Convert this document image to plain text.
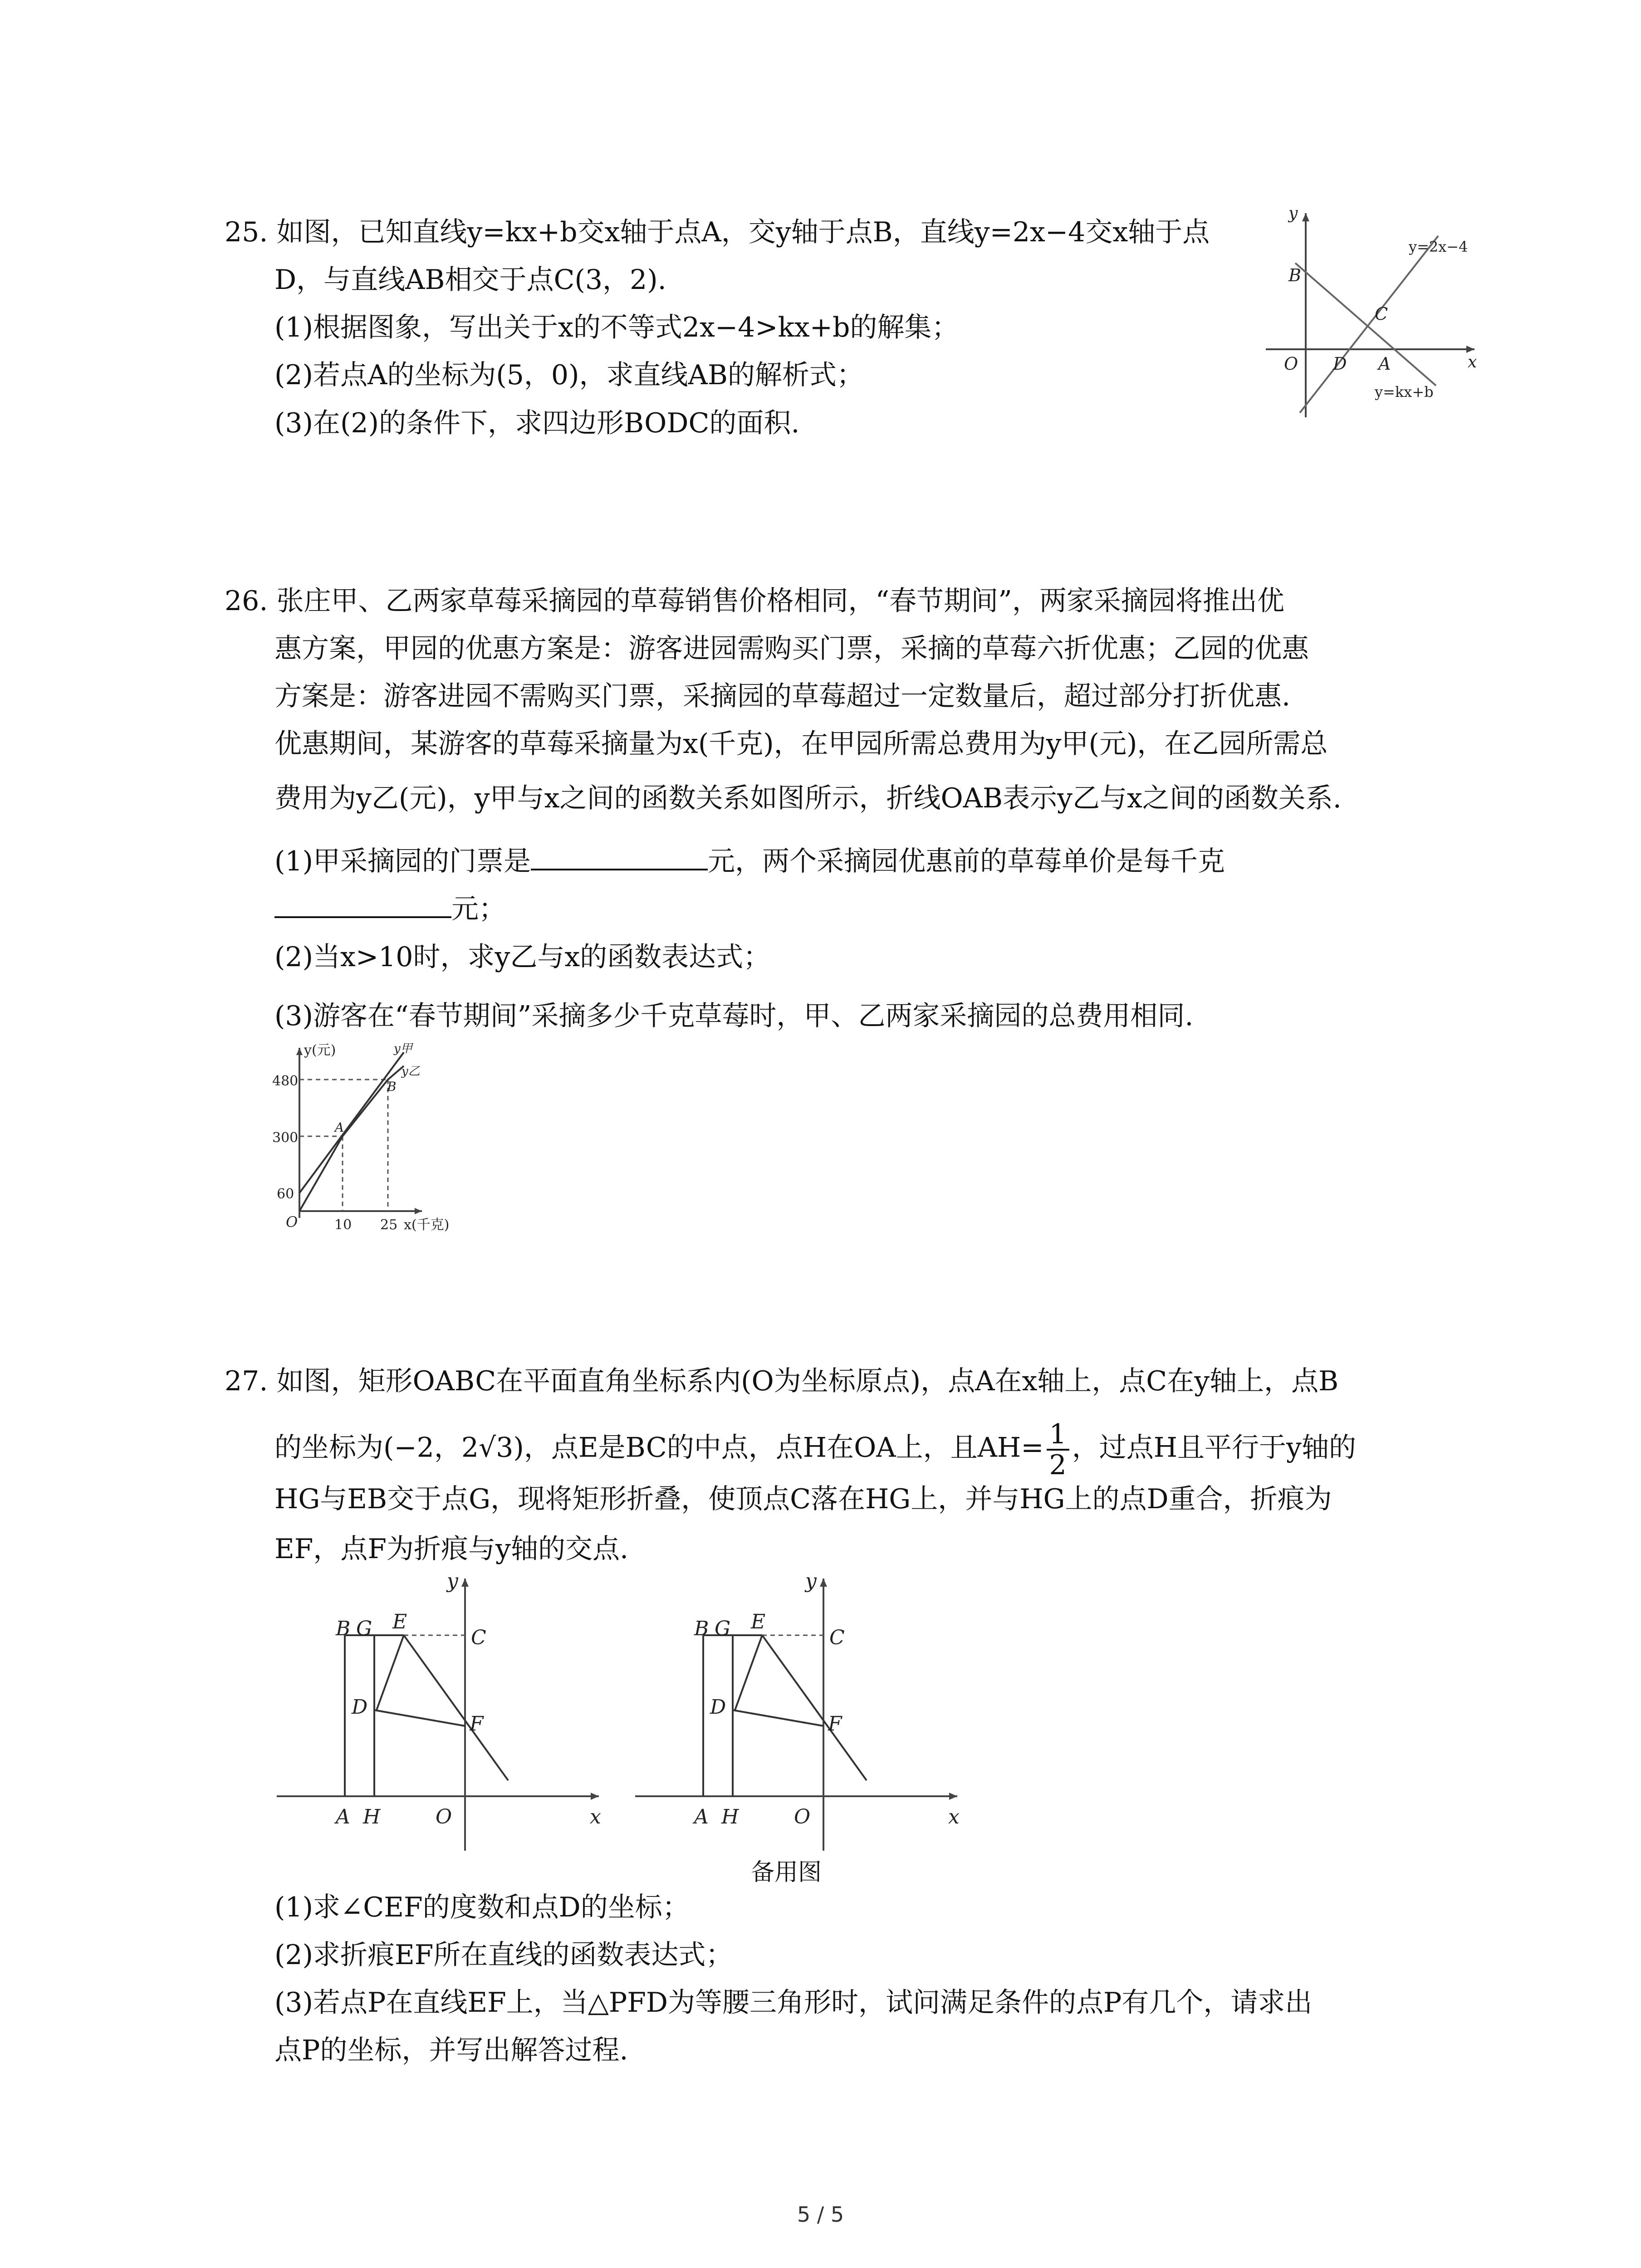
25. 如图，已知直线y=kx+b交x轴于点A，交y轴于点B，直线y=2x−4交x轴于点
D，与直线AB相交于点C(3，2).
(1)根据图象，写出关于x的不等式2x−4>kx+b的解集；
(2)若点A的坐标为(5，0)，求直线AB的解析式；
(3)在(2)的条件下，求四边形BODC的面积.
y
x
O
B
C
D A
y=2x−4
y=kx+b
26. 张庄甲、乙两家草莓采摘园的草莓销售价格相同，“春节期间”，两家采摘园将推出优
惠方案，甲园的优惠方案是：游客进园需购买门票，采摘的草莓六折优惠；乙园的优惠
方案是：游客进园不需购买门票，采摘园的草莓超过一定数量后，超过部分打折优惠.
优惠期间，某游客的草莓采摘量为x(千克)，在甲园所需总费用为y甲(元)，在乙园所需总
费用为y乙(元)，y甲与x之间的函数关系如图所示，折线OAB表示y乙与x之间的函数关系.
(1)甲采摘园的门票是	元，两个采摘园优惠前的草莓单价是每千克
元；
(2)当x>10时，求y乙与x的函数表达式；
(3)游客在“春节期间”采摘多少千克草莓时，甲、乙两家采摘园的总费用相同.
480
300
60
O	10 25 x(千克)
y(元)
A
B
y甲
y乙
27. 如图，矩形OABC在平面直角坐标系内(O为坐标原点)，点A在x轴上，点C在y轴上，点B
的坐标为(−2，2√3)，点E是BC的中点，点H在OA上，且$AH= \frac{1}{2}$ ，过点H且平行于y轴的
HG与EB交于点G，现将矩形折叠，使顶点C落在HG上，并与HG上的点D重合，折痕为
EF，点F为折痕与y轴的交点.
B G E
C
D
F
A H	O	x
y
B G E
C
D
F
A H	O	x
y
备用图
(1)求∠CEF的度数和点D的坐标；
(2)求折痕EF所在直线的函数表达式；
(3)若点P在直线EF上，当△PFD为等腰三角形时，试问满足条件的点P有几个，请求出
点P的坐标，并写出解答过程.
5 / 5
